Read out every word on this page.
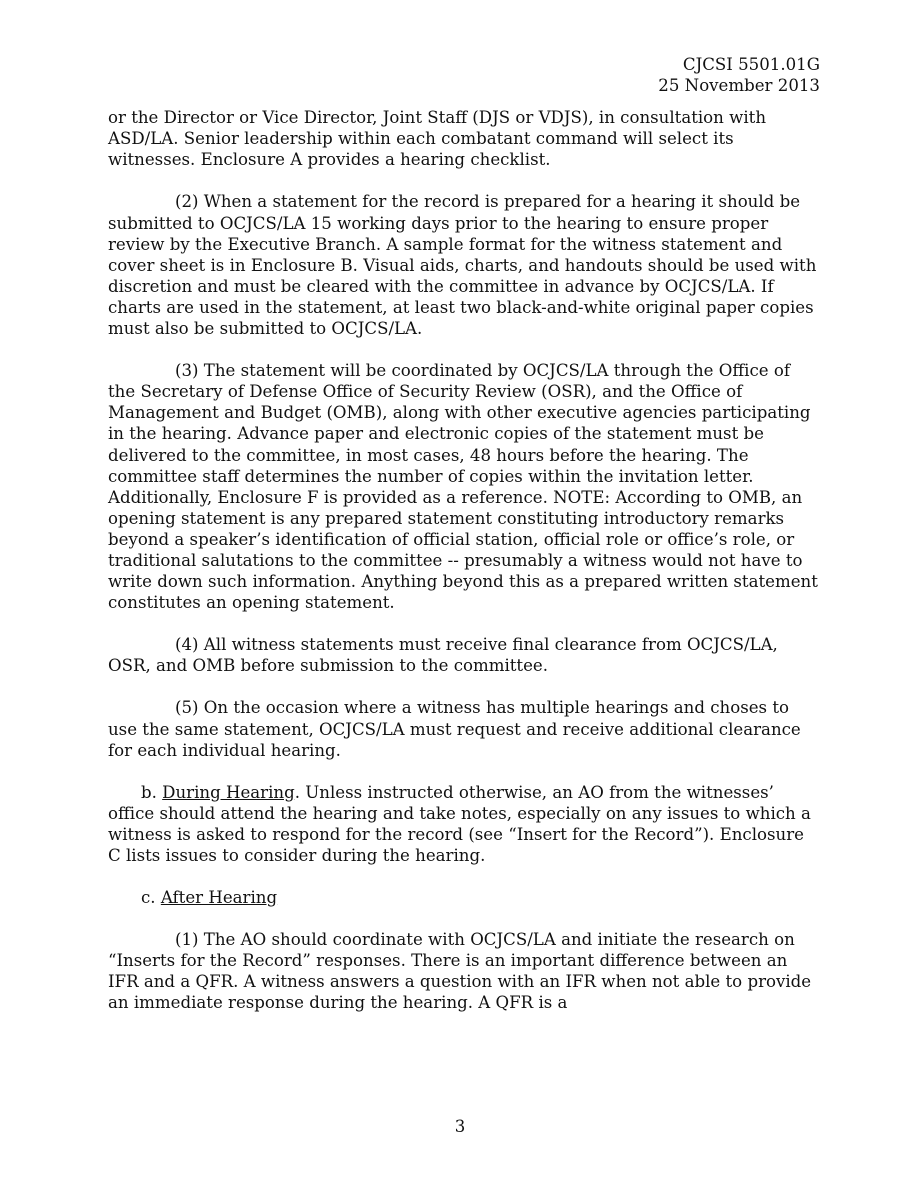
CJCSI 5501.01G
25 November 2013

or the Director or Vice Director, Joint Staff (DJS or VDJS), in consultation with ASD/LA. Senior leadership within each combatant command will select its witnesses. Enclosure A provides a hearing checklist.

(2) When a statement for the record is prepared for a hearing it should be submitted to OCJCS/LA 15 working days prior to the hearing to ensure proper review by the Executive Branch. A sample format for the witness statement and cover sheet is in Enclosure B. Visual aids, charts, and handouts should be used with discretion and must be cleared with the committee in advance by OCJCS/LA. If charts are used in the statement, at least two black-and-white original paper copies must also be submitted to OCJCS/LA.

(3) The statement will be coordinated by OCJCS/LA through the Office of the Secretary of Defense Office of Security Review (OSR), and the Office of Management and Budget (OMB), along with other executive agencies participating in the hearing. Advance paper and electronic copies of the statement must be delivered to the committee, in most cases, 48 hours before the hearing. The committee staff determines the number of copies within the invitation letter. Additionally, Enclosure F is provided as a reference. NOTE: According to OMB, an opening statement is any prepared statement constituting introductory remarks beyond a speaker’s identification of official station, official role or office’s role, or traditional salutations to the committee -- presumably a witness would not have to write down such information. Anything beyond this as a prepared written statement constitutes an opening statement.

(4) All witness statements must receive final clearance from OCJCS/LA, OSR, and OMB before submission to the committee.

(5) On the occasion where a witness has multiple hearings and choses to use the same statement, OCJCS/LA must request and receive additional clearance for each individual hearing.

b. During Hearing. Unless instructed otherwise, an AO from the witnesses’ office should attend the hearing and take notes, especially on any issues to which a witness is asked to respond for the record (see “Insert for the Record”). Enclosure C lists issues to consider during the hearing.

c. After Hearing

(1) The AO should coordinate with OCJCS/LA and initiate the research on “Inserts for the Record” responses. There is an important difference between an IFR and a QFR. A witness answers a question with an IFR when not able to provide an immediate response during the hearing. A QFR is a

3
